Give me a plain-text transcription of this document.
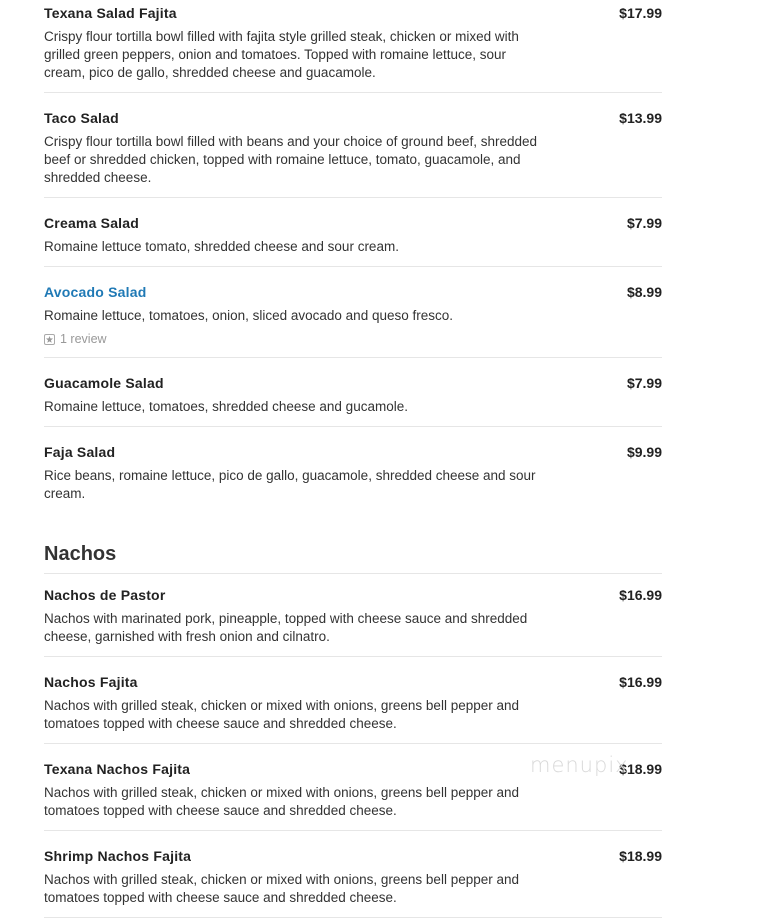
Texana Salad Fajita	$17.99
Crispy flour tortilla bowl filled with fajita style grilled steak, chicken or mixed with grilled green peppers, onion and tomatoes. Topped with romaine lettuce, sour cream, pico de gallo, shredded cheese and guacamole.
Taco Salad	$13.99
Crispy flour tortilla bowl filled with beans and your choice of ground beef, shredded beef or shredded chicken, topped with romaine lettuce, tomato, guacamole, and shredded cheese.
Creama Salad	$7.99
Romaine lettuce tomato, shredded cheese and sour cream.
Avocado Salad	$8.99
Romaine lettuce, tomatoes, onion, sliced avocado and queso fresco.
1 review
Guacamole Salad	$7.99
Romaine lettuce, tomatoes, shredded cheese and gucamole.
Faja Salad	$9.99
Rice beans, romaine lettuce, pico de gallo, guacamole, shredded cheese and sour cream.
Nachos
Nachos de Pastor	$16.99
Nachos with marinated pork, pineapple, topped with cheese sauce and shredded cheese, garnished with fresh onion and cilnatro.
Nachos Fajita	$16.99
Nachos with grilled steak, chicken or mixed with onions, greens bell pepper and tomatoes topped with cheese sauce and shredded cheese.
Texana Nachos Fajita	$18.99
Nachos with grilled steak, chicken or mixed with onions, greens bell pepper and tomatoes topped with cheese sauce and shredded cheese.
Shrimp Nachos Fajita	$18.99
Nachos with grilled steak, chicken or mixed with onions, greens bell pepper and tomatoes topped with cheese sauce and shredded cheese.
menupix
